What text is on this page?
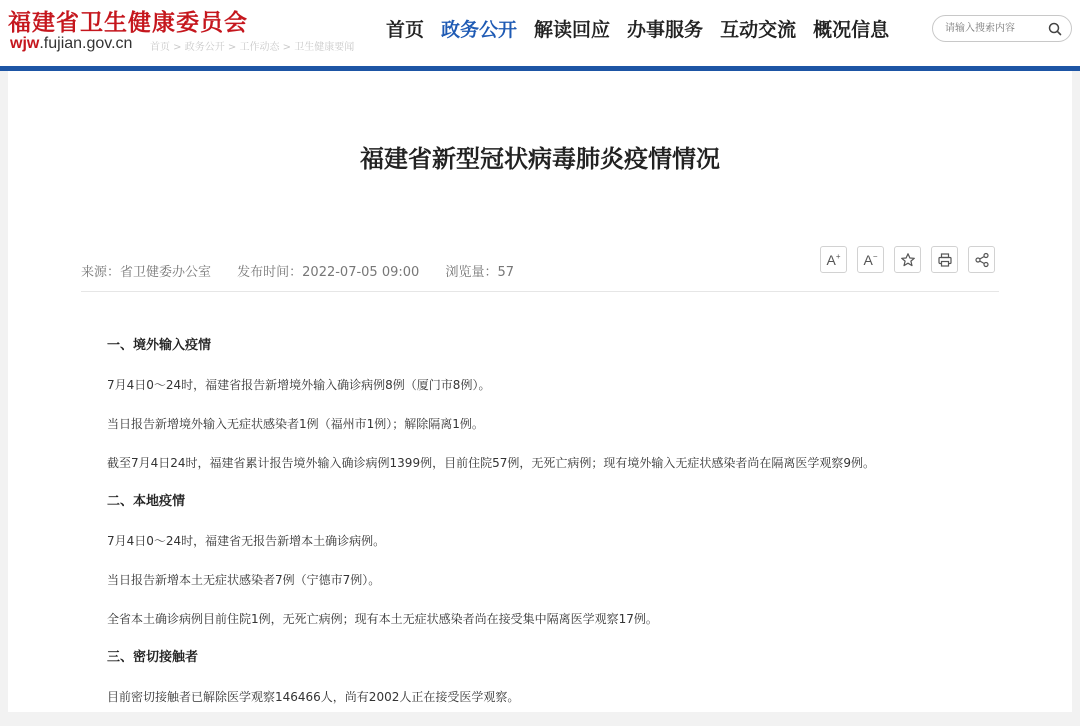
福建省卫生健康委员会
wjw.fujian.gov.cn 首页 > 政务公开 > 工作动态 > 卫生健康要闻
首页 政务公开 解读回应 办事服务 互动交流 概况信息
请输入搜索内容
福建省新型冠状病毒肺炎疫情情况
来源：省卫健委办公室 发布时间：2022-07-05 09:00 浏览量：57
A +	A −
一、境外输入疫情
7月4日0～24时，福建省报告新增境外输入确诊病例8例（厦门市8例）。
当日报告新增境外输入无症状感染者1例（福州市1例）；解除隔离1例。
截至7月4日24时，福建省累计报告境外输入确诊病例1399例，目前住院57例，无死亡病例；现有境外输入无症状感染者尚在隔离医学观察9例。
二、本地疫情
7月4日0～24时，福建省无报告新增本土确诊病例。
当日报告新增本土无症状感染者7例（宁德市7例）。
全省本土确诊病例目前住院1例，无死亡病例；现有本土无症状感染者尚在接受集中隔离医学观察17例。
三、密切接触者
目前密切接触者已解除医学观察146466人，尚有2002人正在接受医学观察。
